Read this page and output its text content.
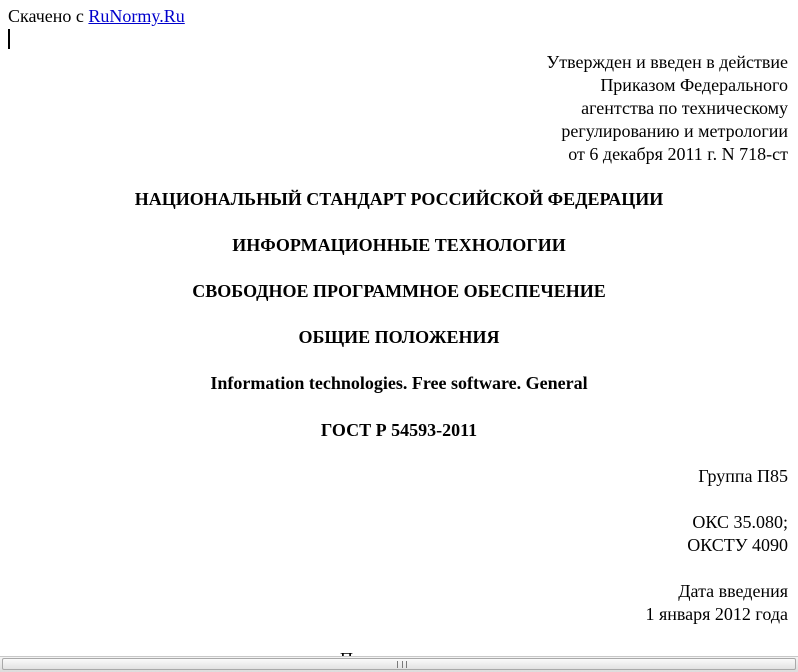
Скачено с RuNormy.Ru
Утвержден и введен в действие
Приказом Федерального
агентства по техническому
регулированию и метрологии
от 6 декабря 2011 г. N 718-ст
НАЦИОНАЛЬНЫЙ СТАНДАРТ РОССИЙСКОЙ ФЕДЕРАЦИИ
ИНФОРМАЦИОННЫЕ ТЕХНОЛОГИИ
СВОБОДНОЕ ПРОГРАММНОЕ ОБЕСПЕЧЕНИЕ
ОБЩИЕ ПОЛОЖЕНИЯ
Information technologies. Free software. General
ГОСТ Р 54593-2011
Группа П85
ОКС 35.080;
ОКСТУ 4090
Дата введения
1 января 2012 года
